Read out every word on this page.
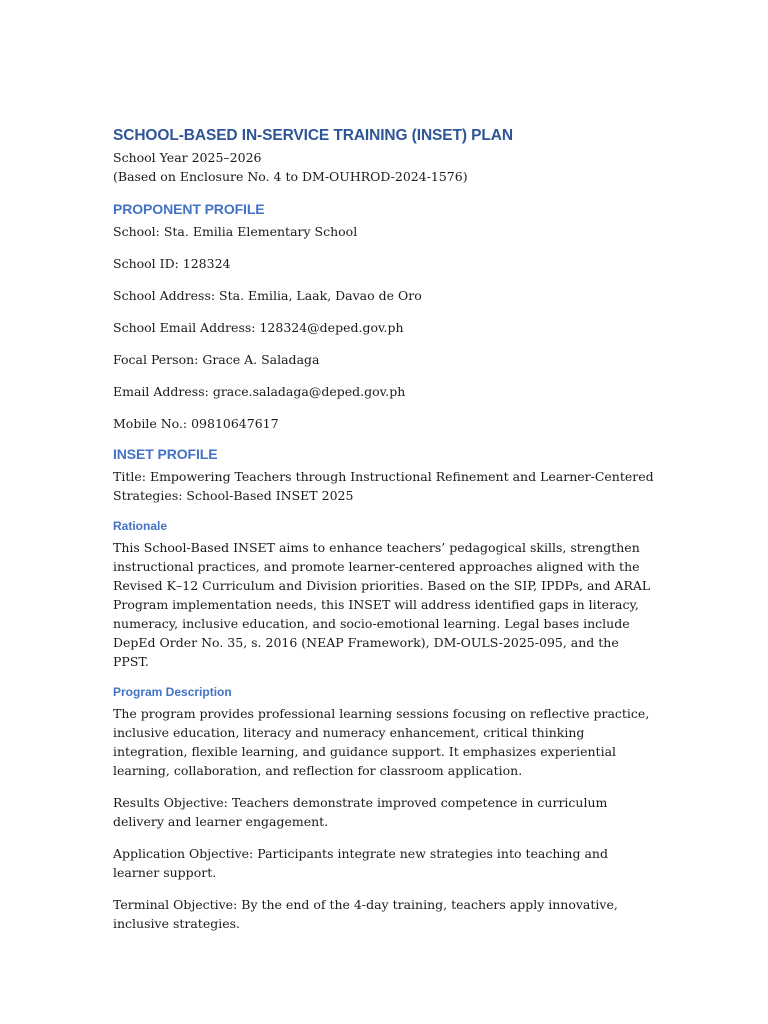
SCHOOL-BASED IN-SERVICE TRAINING (INSET) PLAN
School Year 2025–2026
(Based on Enclosure No. 4 to DM-OUHROD-2024-1576)
PROPONENT PROFILE
School: Sta. Emilia Elementary School
School ID: 128324
School Address: Sta. Emilia, Laak, Davao de Oro
School Email Address: 128324@deped.gov.ph
Focal Person: Grace A. Saladaga
Email Address: grace.saladaga@deped.gov.ph
Mobile No.: 09810647617
INSET PROFILE
Title: Empowering Teachers through Instructional Refinement and Learner-Centered Strategies: School-Based INSET 2025
Rationale
This School-Based INSET aims to enhance teachers’ pedagogical skills, strengthen instructional practices, and promote learner-centered approaches aligned with the Revised K–12 Curriculum and Division priorities. Based on the SIP, IPDPs, and ARAL Program implementation needs, this INSET will address identified gaps in literacy, numeracy, inclusive education, and socio-emotional learning. Legal bases include DepEd Order No. 35, s. 2016 (NEAP Framework), DM-OULS-2025-095, and the PPST.
Program Description
The program provides professional learning sessions focusing on reflective practice, inclusive education, literacy and numeracy enhancement, critical thinking integration, flexible learning, and guidance support. It emphasizes experiential learning, collaboration, and reflection for classroom application.
Results Objective: Teachers demonstrate improved competence in curriculum delivery and learner engagement.
Application Objective: Participants integrate new strategies into teaching and learner support.
Terminal Objective: By the end of the 4-day training, teachers apply innovative, inclusive strategies.
